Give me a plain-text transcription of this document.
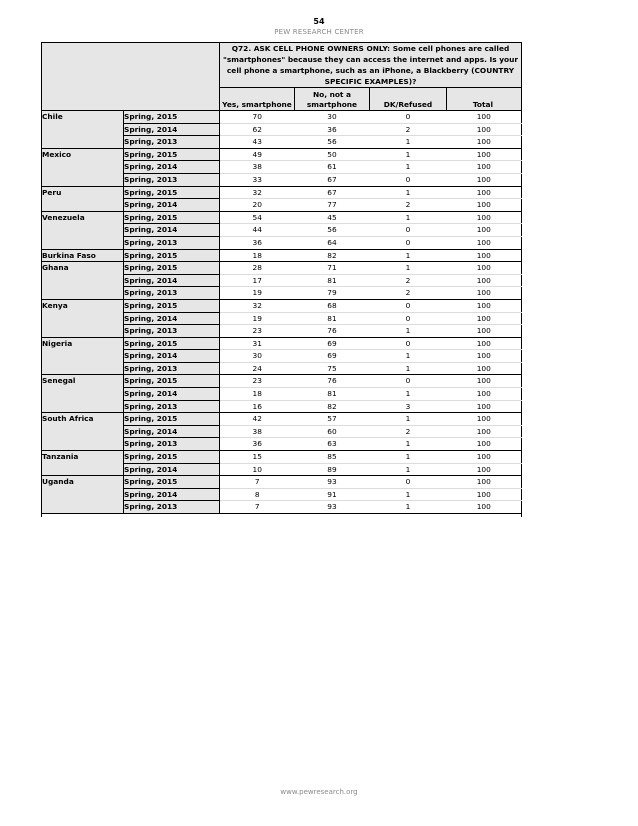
54
PEW RESEARCH CENTER
		Q72. ASK CELL PHONE OWNERS ONLY: Some cell phones are called "smartphones" because they can access the internet and apps. Is your cell phone a smartphone, such as an iPhone, a Blackberry (COUNTRY SPECIFIC EXAMPLES)?			
		Yes, smartphone	No, not a smartphone	DK/Refused	Total
Chile	Spring, 2015	70	30	0	100
	Spring, 2014	62	36	2	100
	Spring, 2013	43	56	1	100
Mexico	Spring, 2015	49	50	1	100
	Spring, 2014	38	61	1	100
	Spring, 2013	33	67	0	100
Peru	Spring, 2015	32	67	1	100
	Spring, 2014	20	77	2	100
Venezuela	Spring, 2015	54	45	1	100
	Spring, 2014	44	56	0	100
	Spring, 2013	36	64	0	100
Burkina Faso	Spring, 2015	18	82	1	100
Ghana	Spring, 2015	28	71	1	100
	Spring, 2014	17	81	2	100
	Spring, 2013	19	79	2	100
Kenya	Spring, 2015	32	68	0	100
	Spring, 2014	19	81	0	100
	Spring, 2013	23	76	1	100
Nigeria	Spring, 2015	31	69	0	100
	Spring, 2014	30	69	1	100
	Spring, 2013	24	75	1	100
Senegal	Spring, 2015	23	76	0	100
	Spring, 2014	18	81	1	100
	Spring, 2013	16	82	3	100
South Africa	Spring, 2015	42	57	1	100
	Spring, 2014	38	60	2	100
	Spring, 2013	36	63	1	100
Tanzania	Spring, 2015	15	85	1	100
	Spring, 2014	10	89	1	100
Uganda	Spring, 2015	7	93	0	100
	Spring, 2014	8	91	1	100
	Spring, 2013	7	93	1	100

www.pewresearch.org
